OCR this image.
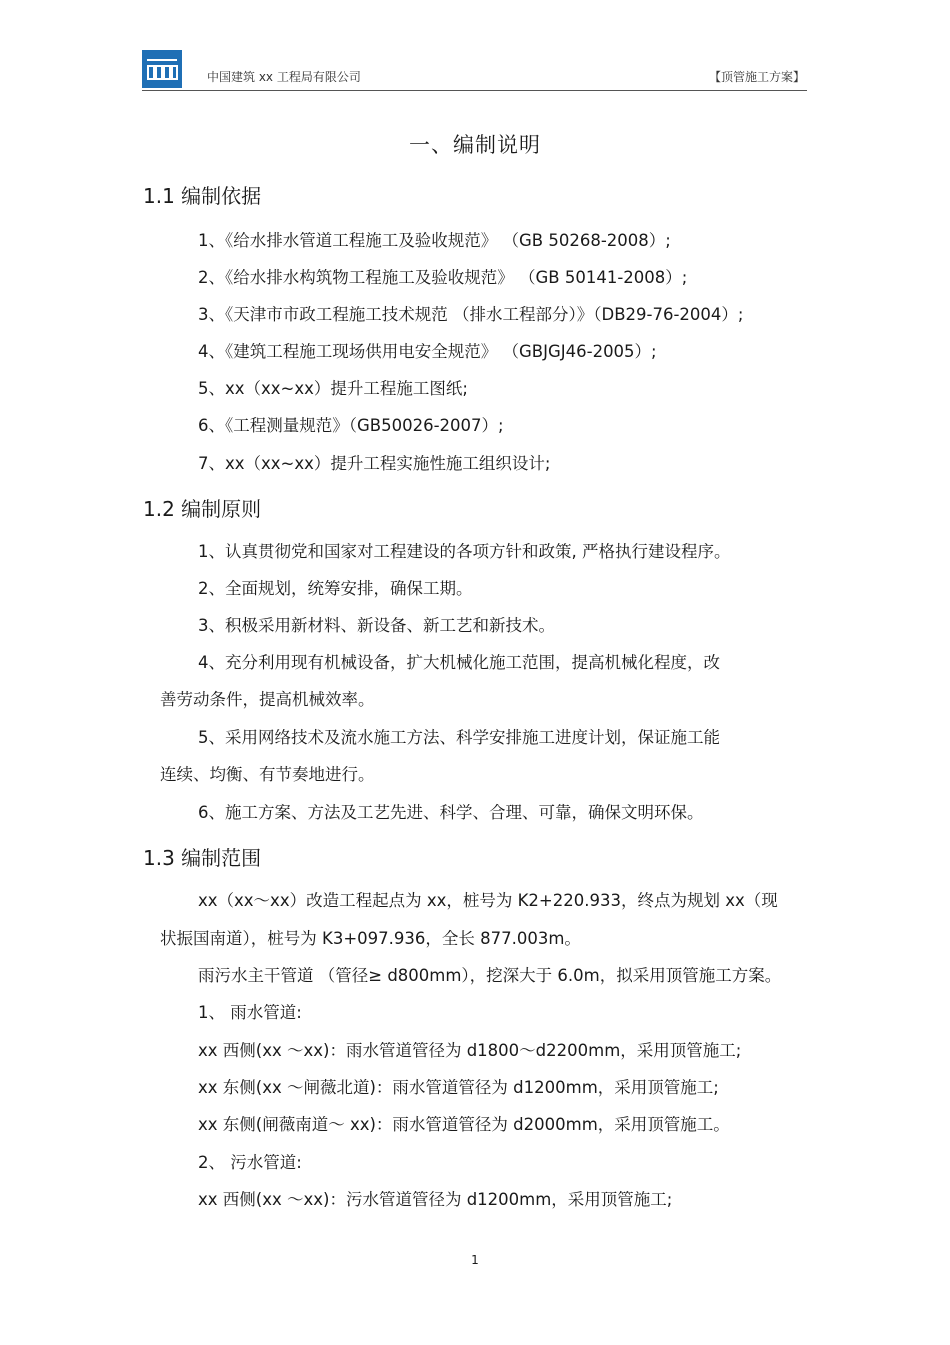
中国建筑 xx 工程局有限公司	【顶管施工方案】
一、编制说明
1.1 编制依据
1、《给水排水管道工程施工及验收规范》 （GB 50268-2008）;
2、《给水排水构筑物工程施工及验收规范》 （GB 50141-2008）;
3、《天津市市政工程施工技术规范 （排水工程部分）》（DB29-76-2004）;
4、《建筑工程施工现场供用电安全规范》 （GBJGJ46-2005）;
5、xx（xx~xx）提升工程施工图纸;
6、《工程测量规范》（GB50026-2007）;
7、xx（xx~xx）提升工程实施性施工组织设计;
1.2 编制原则
1、认真贯彻党和国家对工程建设的各项方针和政策, 严格执行建设程序。
2、全面规划，统筹安排，确保工期。
3、积极采用新材料、新设备、新工艺和新技术。
4、充分利用现有机械设备，扩大机械化施工范围，提高机械化程度，改
善劳动条件，提高机械效率。
5、采用网络技术及流水施工方法、科学安排施工进度计划，保证施工能
连续、均衡、有节奏地进行。
6、施工方案、方法及工艺先进、科学、合理、可靠，确保文明环保。
1.3 编制范围
xx（xx～xx）改造工程起点为 xx，桩号为 K2+220.933，终点为规划 xx（现
状振国南道），桩号为 K3+097.936，全长 877.003m。
雨污水主干管道 （管径≥ d800mm），挖深大于 6.0m，拟采用顶管施工方案。
1、 雨水管道:
xx 西侧(xx ～xx)：雨水管道管径为 d1800～d2200mm，采用顶管施工;
xx 东侧(xx ～闸薇北道)：雨水管道管径为 d1200mm，采用顶管施工;
xx 东侧(闸薇南道～ xx)：雨水管道管径为 d2000mm，采用顶管施工。
2、 污水管道:
xx 西侧(xx ～xx)：污水管道管径为 d1200mm，采用顶管施工;
1
